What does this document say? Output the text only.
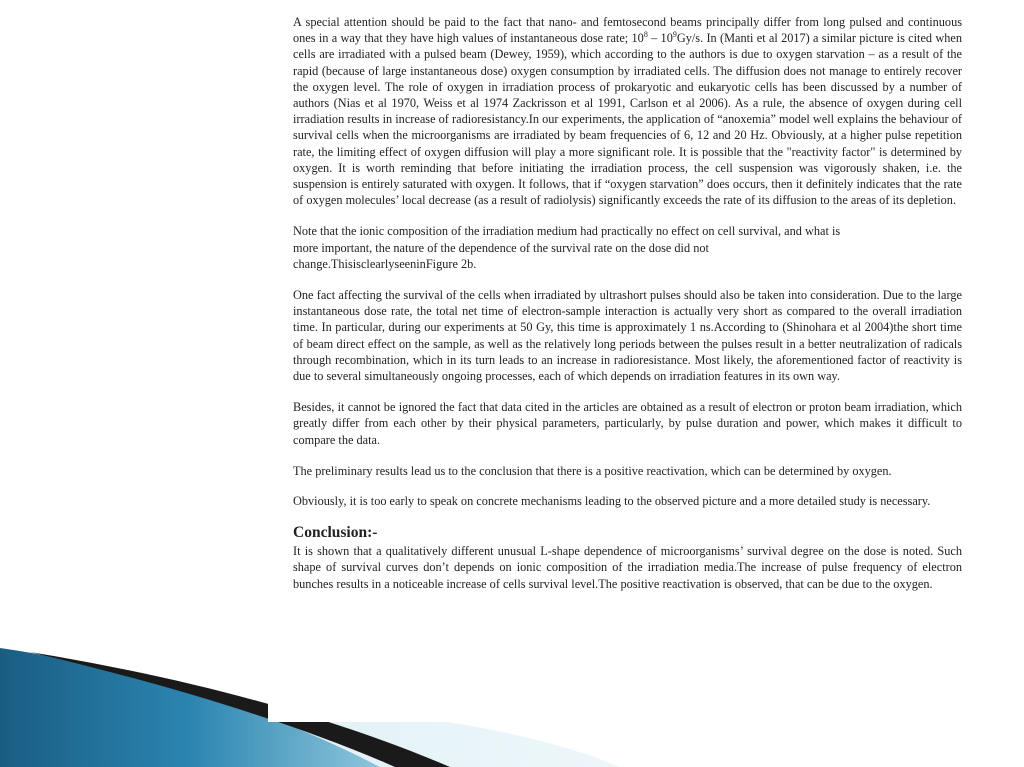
A special attention should be paid to the fact that nano- and femtosecond beams principally differ from long pulsed and continuous ones in a way that they have high values of instantaneous dose rate; $10^8 - 10^9Gy/s$. In (Manti et al 2017) a similar picture is cited when cells are irradiated with a pulsed beam (Dewey, 1959), which according to the authors is due to oxygen starvation – as a result of the rapid (because of large instantaneous dose) oxygen consumption by irradiated cells. The diffusion does not manage to entirely recover the oxygen level. The role of oxygen in irradiation process of prokaryotic and eukaryotic cells has been discussed by a number of authors (Nias et al 1970, Weiss et al 1974 Zackrisson et al 1991, Carlson et al 2006). As a rule, the absence of oxygen during cell irradiation results in increase of radioresistancy.In our experiments, the application of “anoxemia” model well explains the behaviour of survival cells when the microorganisms are irradiated by beam frequencies of 6, 12 and 20 Hz. Obviously, at a higher pulse repetition rate, the limiting effect of oxygen diffusion will play a more significant role. It is possible that the "reactivity factor" is determined by oxygen. It is worth reminding that before initiating the irradiation process, the cell suspension was vigorously shaken, i.e. the suspension is entirely saturated with oxygen. It follows, that if “oxygen starvation” does occurs, then it definitely indicates that the rate of oxygen molecules’ local decrease (as a result of radiolysis) significantly exceeds the rate of its diffusion to the areas of its depletion.

Note that the ionic composition of the irradiation medium had practically no effect on cell survival, and what is
more important, the nature of the dependence of the survival rate on the dose did not
change.ThisisclearlyseeninFigure 2b.

One fact affecting the survival of the cells when irradiated by ultrashort pulses should also be taken into consideration. Due to the large instantaneous dose rate, the total net time of electron-sample interaction is actually very short as compared to the overall irradiation time. In particular, during our experiments at 50 Gy, this time is approximately 1 ns.According to (Shinohara et al 2004)the short time of beam direct effect on the sample, as well as the relatively long periods between the pulses result in a better neutralization of radicals through recombination, which in its turn leads to an increase in radioresistance. Most likely, the aforementioned factor of reactivity is due to several simultaneously ongoing processes, each of which depends on irradiation features in its own way.

Besides, it cannot be ignored the fact that data cited in the articles are obtained as a result of electron or proton beam irradiation, which greatly differ from each other by their physical parameters, particularly, by pulse duration and power, which makes it difficult to compare the data.

The preliminary results lead us to the conclusion that there is a positive reactivation, which can be determined by oxygen.

Obviously, it is too early to speak on concrete mechanisms leading to the observed picture and a more detailed study is necessary.

Conclusion:-

It is shown that a qualitatively different unusual L-shape dependence of microorganisms’ survival degree on the dose is noted. Such shape of survival curves don’t depends on ionic composition of the irradiation media.The increase of pulse frequency of electron bunches results in a noticeable increase of cells survival level.The positive reactivation is observed, that can be due to the oxygen.
